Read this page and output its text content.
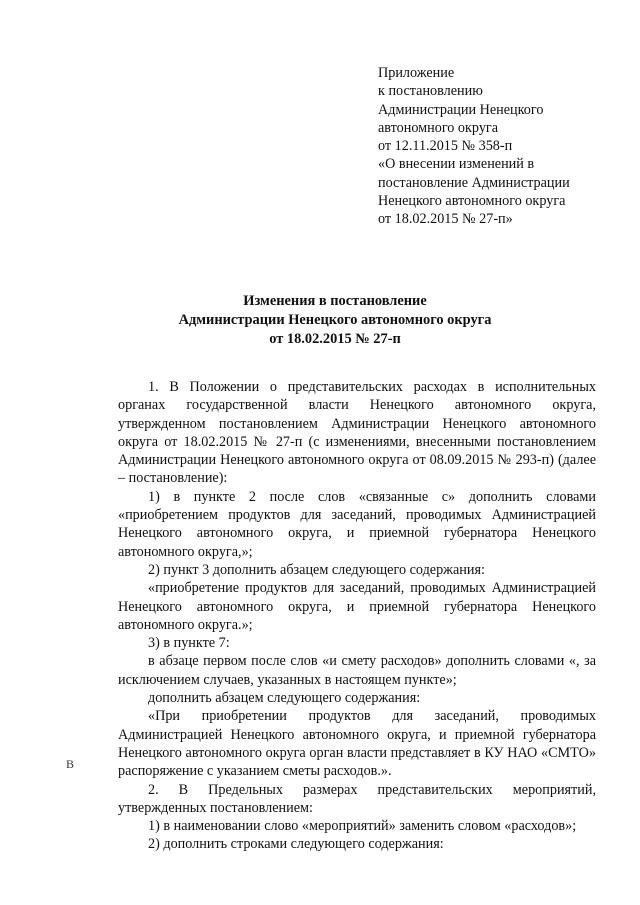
Приложение
к постановлению
Администрации Ненецкого
автономного округа
от 12.11.2015 № 358-п
«О внесении изменений в
постановление Администрации
Ненецкого автономного округа
от 18.02.2015 № 27-п»
Изменения в постановление
Администрации Ненецкого автономного округа
от 18.02.2015 № 27-п

1. В Положении о представительских расходах в исполнительных органах государственной власти Ненецкого автономного округа, утвержденном постановлением Администрации Ненецкого автономного округа от 18.02.2015 № 27-п (с изменениями, внесенными постановлением Администрации Ненецкого автономного округа от 08.09.2015 № 293-п) (далее – постановление):

1) в пункте 2 после слов «связанные с» дополнить словами «приобретением продуктов для заседаний, проводимых Администрацией Ненецкого автономного округа, и приемной губернатора Ненецкого автономного округа,»;

2) пункт 3 дополнить абзацем следующего содержания:

«приобретение продуктов для заседаний, проводимых Администрацией Ненецкого автономного округа, и приемной губернатора Ненецкого автономного округа.»;

3) в пункте 7:

в абзаце первом после слов «и смету расходов» дополнить словами «, за исключением случаев, указанных в настоящем пункте»;

дополнить абзацем следующего содержания:

«При приобретении продуктов для заседаний, проводимых Администрацией Ненецкого автономного округа, и приемной губернатора Ненецкого автономного округа орган власти представляет в КУ НАО «СМТО» распоряжение с указанием сметы расходов.».

2. В Предельных размерах представительских мероприятий, утвержденных постановлением:

1) в наименовании слово «мероприятий» заменить словом «расходов»;

2) дополнить строками следующего содержания:

В
